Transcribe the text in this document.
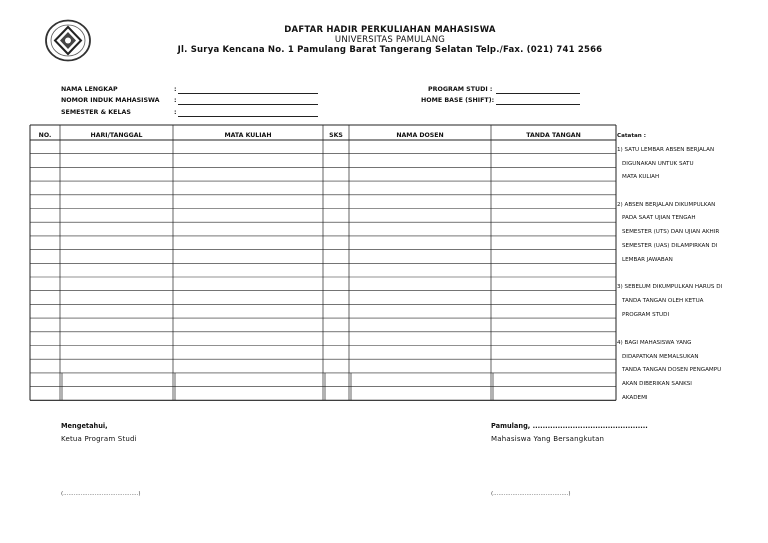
DAFTAR HADIR PERKULIAHAN MAHASISWA
UNIVERSITAS PAMULANG
Jl. Surya Kencana No. 1 Pamulang Barat Tangerang Selatan Telp./Fax. (021) 741 2566
NAMA LENGKAP	:
NOMOR INDUK MAHASISWA :
SEMESTER & KELAS	:
PROGRAM STUDI :
HOME BASE (SHIFT):
NO.	HARI/TANGGAL	MATA KULIAH	SKS	NAMA DOSEN	TANDA TANGAN	Catatan :
1) SATU LEMBAR ABSEN BERJALAN
DIGUNAKAN UNTUK SATU
MATA KULIAH
2) ABSEN BERJALAN DIKUMPULKAN
PADA SAAT UJIAN TENGAH
SEMESTER (UTS) DAN UJIAN AKHIR
SEMESTER (UAS) DILAMPIRKAN DI
LEMBAR JAWABAN
3) SEBELUM DIKUMPULKAN HARUS DI
TANDA TANGAN OLEH KETUA
PROGRAM STUDI
4) BAGI MAHASISWA YANG
DIDAPATKAN MEMALSUKAN
TANDA TANGAN DOSEN PENGAMPU
AKAN DIBERIKAN SANKSI
AKADEMI
Mengetahui,
Ketua Program Studi
(...........................................)
Pamulang, ..............................................
Mahasiswa Yang Bersangkutan
(...........................................)
